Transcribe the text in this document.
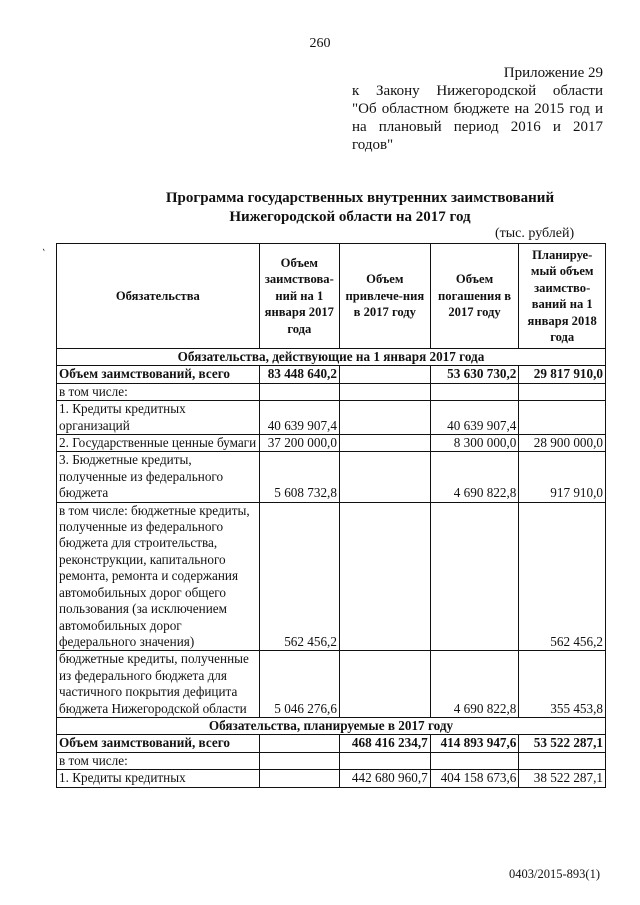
260
Приложение 29
к Закону Нижегородской области
"Об областном бюджете на 2015 год и
на плановый период 2016 и 2017
годов"
Программа государственных внутренних заимствований
Нижегородской области на 2017 год
(тыс. рублей)
`
Обязательства	Объем заимствова-ний на 1 января 2017 года	Объем привлече-ния в 2017 году	Объем погашения в 2017 году	Планируе-мый объем заимство-ваний на 1 января 2018 года
Обязательства, действующие на 1 января 2017 года				
Объем заимствований, всего	83 448 640,2		53 630 730,2	29 817 910,0
в том числе:				
1. Кредиты кредитных организаций	40 639 907,4		40 639 907,4	
2. Государственные ценные бумаги	37 200 000,0		8 300 000,0	28 900 000,0
3. Бюджетные кредиты, полученные из федерального бюджета	5 608 732,8		4 690 822,8	917 910,0
в том числе: бюджетные кредиты, полученные из федерального бюджета для строительства, реконструкции, капитального ремонта, ремонта и содержания автомобильных дорог общего пользования (за исключением автомобильных дорог федерального значения)	562 456,2			562 456,2
бюджетные кредиты, полученные из федерального бюджета для частичного покрытия дефицита бюджета Нижегородской области	5 046 276,6		4 690 822,8	355 453,8
Обязательства, планируемые в 2017 году				
Объем заимствований, всего		468 416 234,7	414 893 947,6	53 522 287,1
в том числе:				
1. Кредиты кредитных		442 680 960,7	404 158 673,6	38 522 287,1
0403/2015-893(1)
